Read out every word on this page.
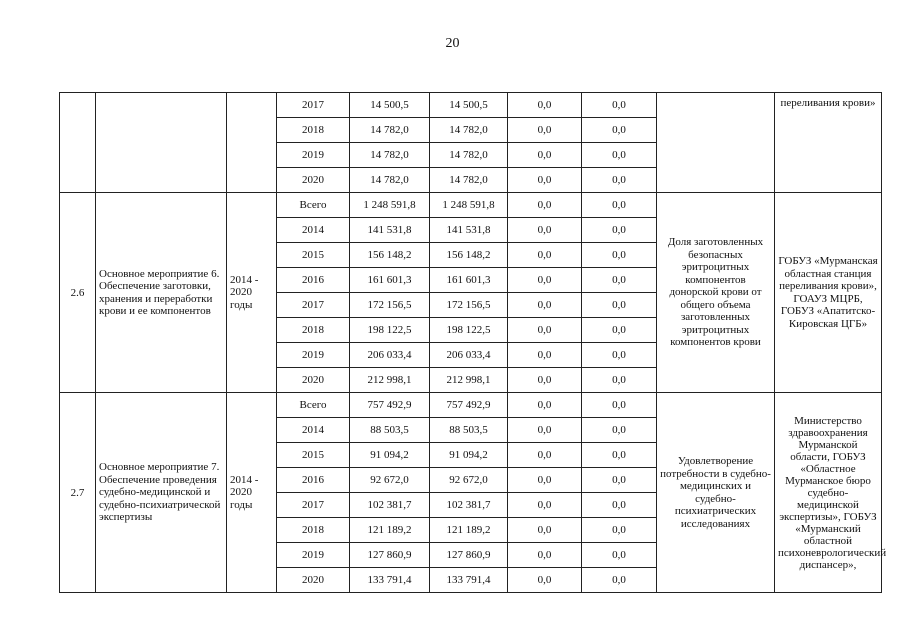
20
			2017	14 500,5	14 500,5	0,0	0,0		переливания крови»

			2018	14 782,0	14 782,0	0,0	0,0		
			2019	14 782,0	14 782,0	0,0	0,0		
			2020	14 782,0	14 782,0	0,0	0,0		
2.6	Основное мероприятие 6. Обеспечение заготовки, хранения и переработки крови и ее компонентов	2014 - 2020 годы	Всего	1 248 591,8	1 248 591,8	0,0	0,0	Доля заготовленных безопасных эритроцитных компонентов донорской крови от общего объема заготовленных эритроцитных компонентов крови	ГОБУЗ «Мурманская областная станция переливания крови», ГОАУЗ МЦРБ, ГОБУЗ «Апатитско-Кировская ЦГБ»
			2014	141 531,8	141 531,8	0,0	0,0		
			2015	156 148,2	156 148,2	0,0	0,0		
			2016	161 601,3	161 601,3	0,0	0,0		
			2017	172 156,5	172 156,5	0,0	0,0		
			2018	198 122,5	198 122,5	0,0	0,0		
			2019	206 033,4	206 033,4	0,0	0,0		
			2020	212 998,1	212 998,1	0,0	0,0		
2.7	Основное мероприятие 7. Обеспечение проведения судебно-медицинской и судебно-психиатрической экспертизы	2014 - 2020 годы	Всего	757 492,9	757 492,9	0,0	0,0	Удовлетворение потребности в судебно-медицинских и судебно-психиатрических исследованиях	Министерство здравоохранения Мурманской области, ГОБУЗ «Областное Мурманское бюро судебно-медицинской экспертизы», ГОБУЗ «Мурманский областной психоневрологический диспансер»,
			2014	88 503,5	88 503,5	0,0	0,0		
			2015	91 094,2	91 094,2	0,0	0,0		
			2016	92 672,0	92 672,0	0,0	0,0		
			2017	102 381,7	102 381,7	0,0	0,0		
			2018	121 189,2	121 189,2	0,0	0,0		
			2019	127 860,9	127 860,9	0,0	0,0		
			2020	133 791,4	133 791,4	0,0	0,0		
